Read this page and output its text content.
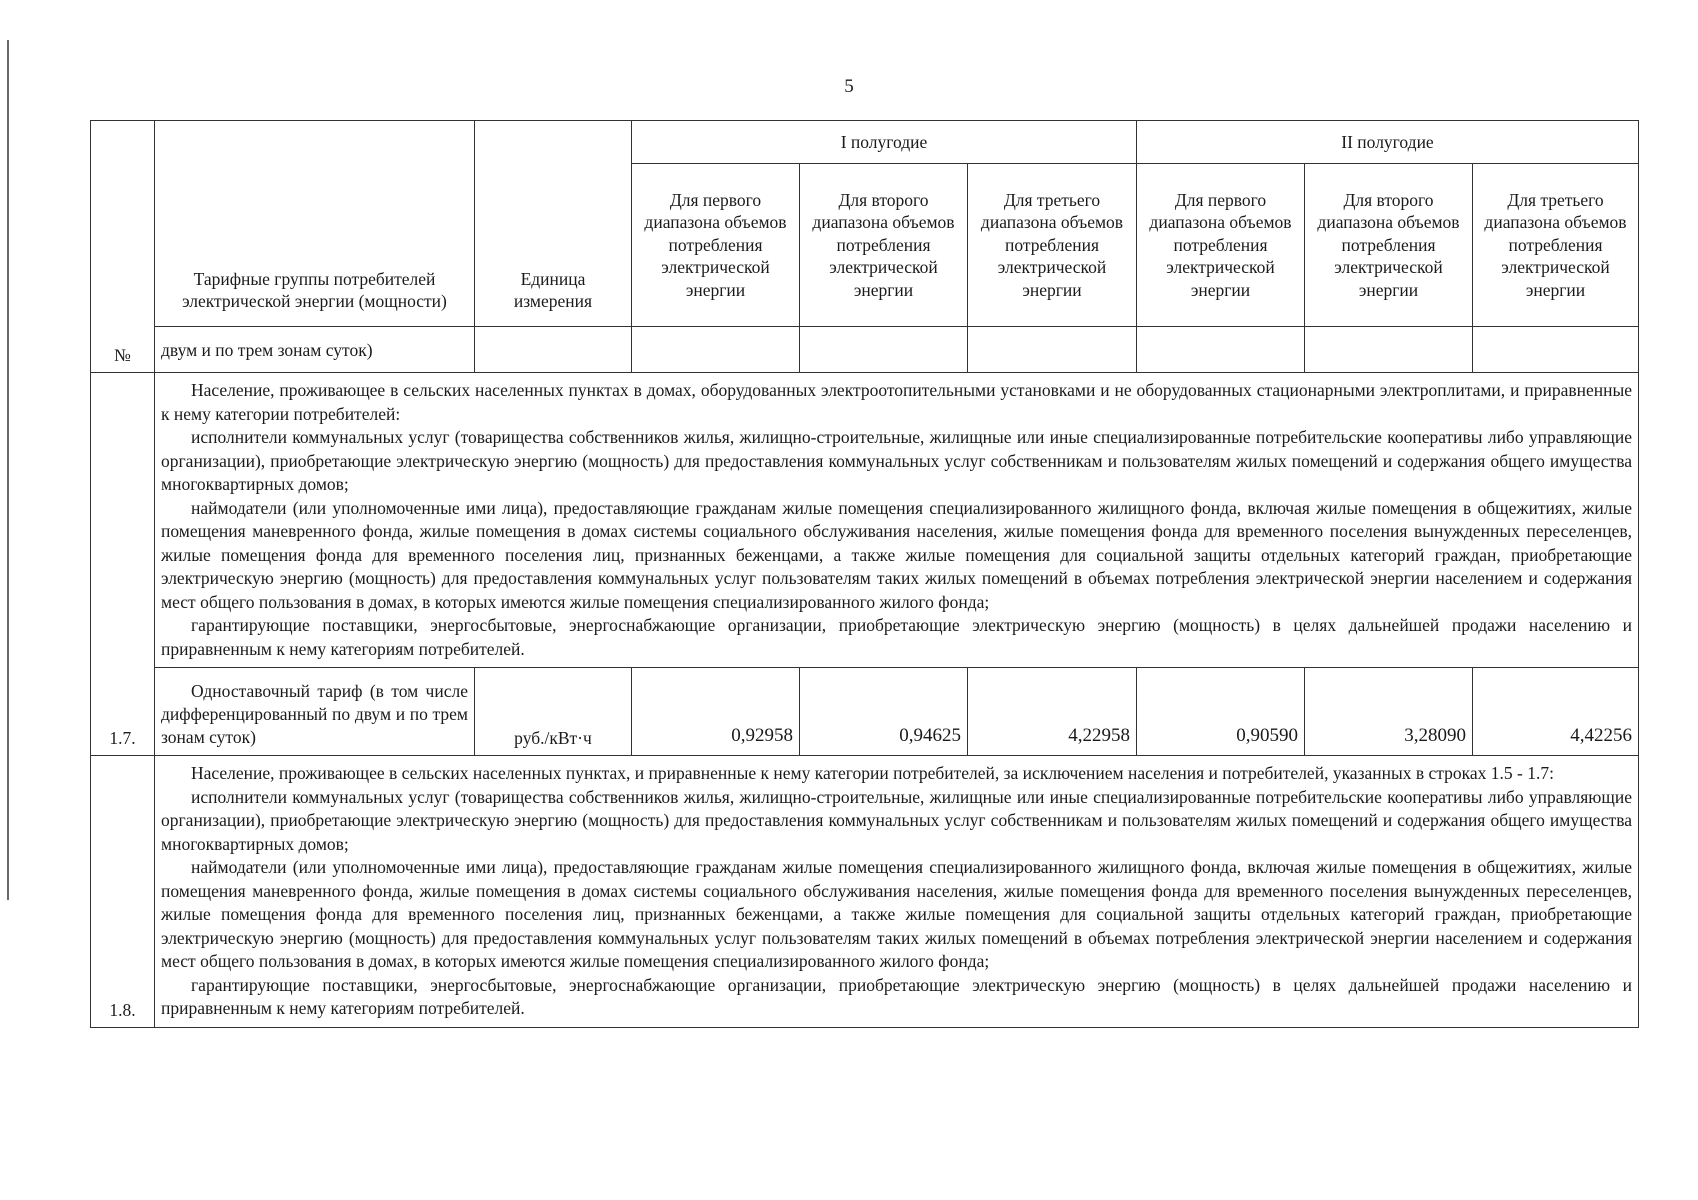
5
№	Тарифные группы потребителей электрической энергии (мощности)	Единица измерения	I полугодие			II полугодие		
			Для первого диапазона объемов потребления электрической энергии	Для второго диапазона объемов потребления электрической энергии	Для третьего диапазона объемов потребления электрической энергии	Для первого диапазона объемов потребления электрической энергии	Для второго диапазона объемов потребления электрической энергии	Для третьего диапазона объемов потребления электрической энергии
	двум и по трем зонам суток)							
1.7.	Население, проживающее в сельских населенных пунктах в домах, оборудованных электроотопительными установками и не оборудованных стационарными электроплитами, и приравненные к нему категории потребителей:

исполнители коммунальных услуг (товарищества собственников жилья, жилищно-строительные, жилищные или иные специализированные потребительские кооперативы либо управляющие организации), приобретающие электрическую энергию (мощность) для предоставления коммунальных услуг собственникам и пользователям жилых помещений и содержания общего имущества многоквартирных домов;

наймодатели (или уполномоченные ими лица), предоставляющие гражданам жилые помещения специализированного жилищного фонда, включая жилые помещения в общежитиях, жилые помещения маневренного фонда, жилые помещения в домах системы социального обслуживания населения, жилые помещения фонда для временного поселения вынужденных переселенцев, жилые помещения фонда для временного поселения лиц, признанных беженцами, а также жилые помещения для социальной защиты отдельных категорий граждан, приобретающие электрическую энергию (мощность) для предоставления коммунальных услуг пользователям таких жилых помещений в объемах потребления электрической энергии населением и содержания мест общего пользования в домах, в которых имеются жилые помещения специализированного жилого фонда;

гарантирующие поставщики, энергосбытовые, энергоснабжающие организации, приобретающие электрическую энергию (мощность) в целях дальнейшей продажи населению и приравненным к нему категориям потребителей.							

	Одноставочный тариф (в том числе дифференцированный по двум и по трем зонам суток)	руб./кВт·ч	0,92958	0,94625	4,22958	0,90590	3,28090	4,42256
1.8.	Население, проживающее в сельских населенных пунктах, и приравненные к нему категории потребителей, за исключением населения и потребителей, указанных в строках 1.5 - 1.7:

исполнители коммунальных услуг (товарищества собственников жилья, жилищно-строительные, жилищные или иные специализированные потребительские кооперативы либо управляющие организации), приобретающие электрическую энергию (мощность) для предоставления коммунальных услуг собственникам и пользователям жилых помещений и содержания общего имущества многоквартирных домов;

наймодатели (или уполномоченные ими лица), предоставляющие гражданам жилые помещения специализированного жилищного фонда, включая жилые помещения в общежитиях, жилые помещения маневренного фонда, жилые помещения в домах системы социального обслуживания населения, жилые помещения фонда для временного поселения вынужденных переселенцев, жилые помещения фонда для временного поселения лиц, признанных беженцами, а также жилые помещения для социальной защиты отдельных категорий граждан, приобретающие электрическую энергию (мощность) для предоставления коммунальных услуг пользователям таких жилых помещений в объемах потребления электрической энергии населением и содержания мест общего пользования в домах, в которых имеются жилые помещения специализированного жилого фонда;

гарантирующие поставщики, энергосбытовые, энергоснабжающие организации, приобретающие электрическую энергию (мощность) в целях дальнейшей продажи населению и приравненным к нему категориям потребителей.							
